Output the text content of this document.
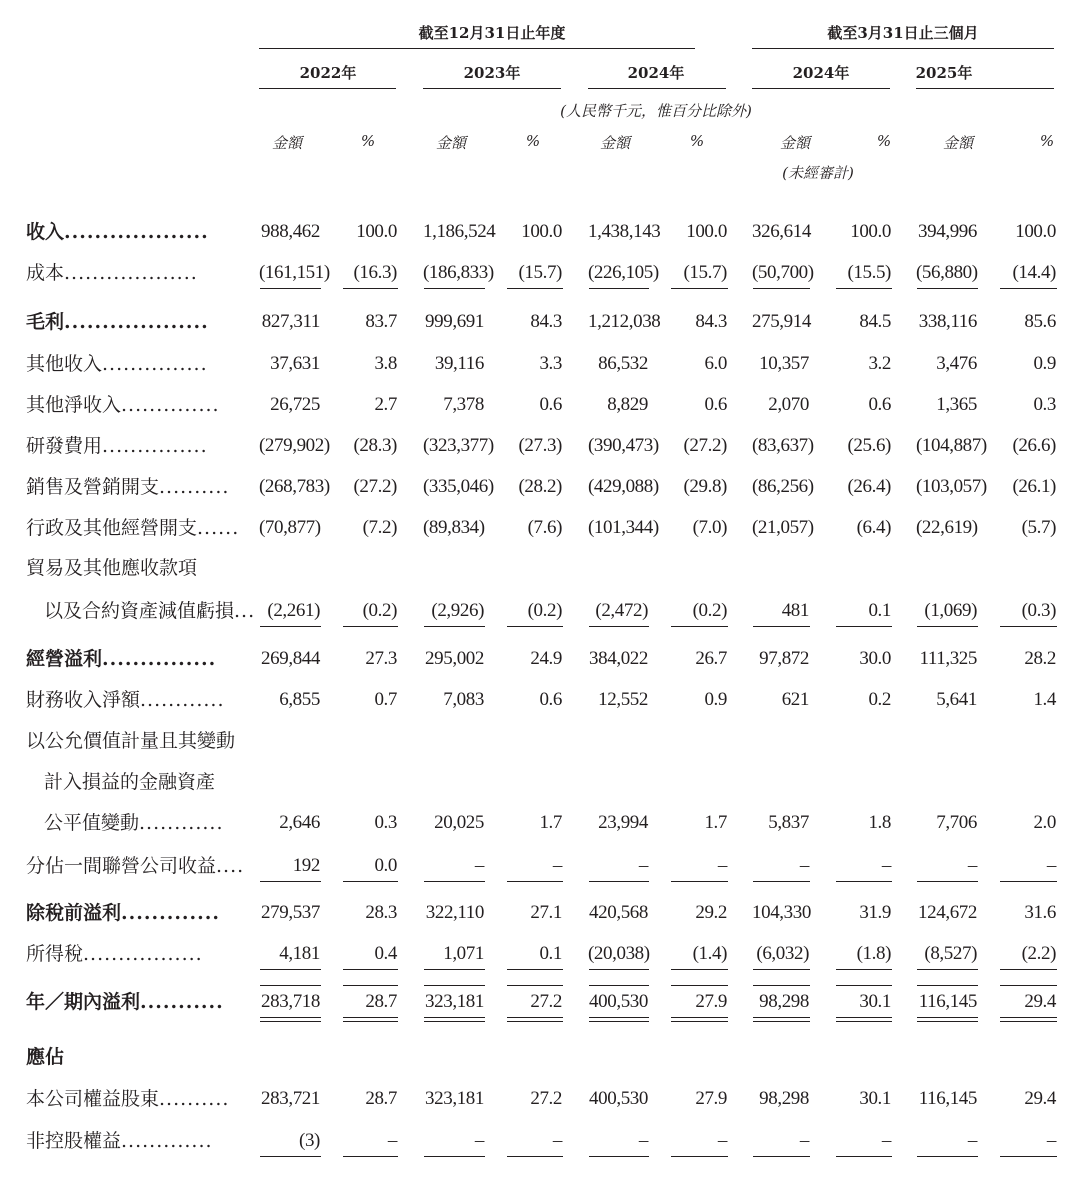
截至12月31日止年度	截至3月31日止三個月
2022年	2023年	2024年	2024年	2025年
(人民幣千元，惟百分比除外)
金額	%	金額	%	金額	%	金額	%	金額	%
(未經審計)
收入...................	988,462	100.0 1,186,524	100.0 1,438,143	100.0 326,614	100.0 394,996	100.0
成本...................	(161,151)	(16.3) (186,833)	(15.7) (226,105)	(15.7) (50,700)	(15.5) (56,880)	(14.4)
毛利...................	827,311	83.7 999,691	84.3 1,212,038	84.3 275,914	84.5 338,116	85.6
其他收入...............	37,631	3.8	39,116	3.3	86,532	6.0	10,357	3.2	3,476	0.9
其他淨收入..............	26,725	2.7	7,378	0.6	8,829	0.6	2,070	0.6	1,365	0.3
研發費用...............	(279,902)	(28.3) (323,377)	(27.3) (390,473)	(27.2) (83,637)	(25.6) (104,887)	(26.6)
銷售及營銷開支.......... (268,783)	(27.2) (335,046)	(28.2) (429,088)	(29.8) (86,256)	(26.4) (103,057)	(26.1)
行政及其他經營開支...... (70,877)	(7.2) (89,834)	(7.6) (101,344)	(7.0) (21,057)	(6.4) (22,619)	(5.7)
貿易及其他應收款項
以及合約資產減值虧損... (2,261)	(0.2)	(2,926)	(0.2)	(2,472)	(0.2)	481	0.1	(1,069)	(0.3)
經營溢利............... 269,844	27.3 295,002	24.9 384,022	26.7	97,872	30.0 111,325	28.2
財務收入淨額............	6,855	0.7	7,083	0.6	12,552	0.9	621	0.2	5,641	1.4
以公允價值計量且其變動
計入損益的金融資產
公平值變動............	2,646	0.3	20,025	1.7	23,994	1.7	5,837	1.8	7,706	2.0
分佔一間聯營公司收益....	192	0.0	–	–	–	–	–	–	–	–
除稅前溢利............. 279,537	28.3 322,110	27.1 420,568	29.2 104,330	31.9 124,672	31.6
所得稅.................	4,181	0.4	1,071	0.1 (20,038)	(1.4) (6,032)	(1.8)	(8,527)	(2.2)
年／期內溢利........... 283,718	28.7 323,181	27.2 400,530	27.9	98,298	30.1 116,145	29.4
應佔
本公司權益股東.......... 283,721	28.7 323,181	27.2 400,530	27.9	98,298	30.1 116,145	29.4
非控股權益.............	(3)	–	–	–	–	–	–	–	–	–
